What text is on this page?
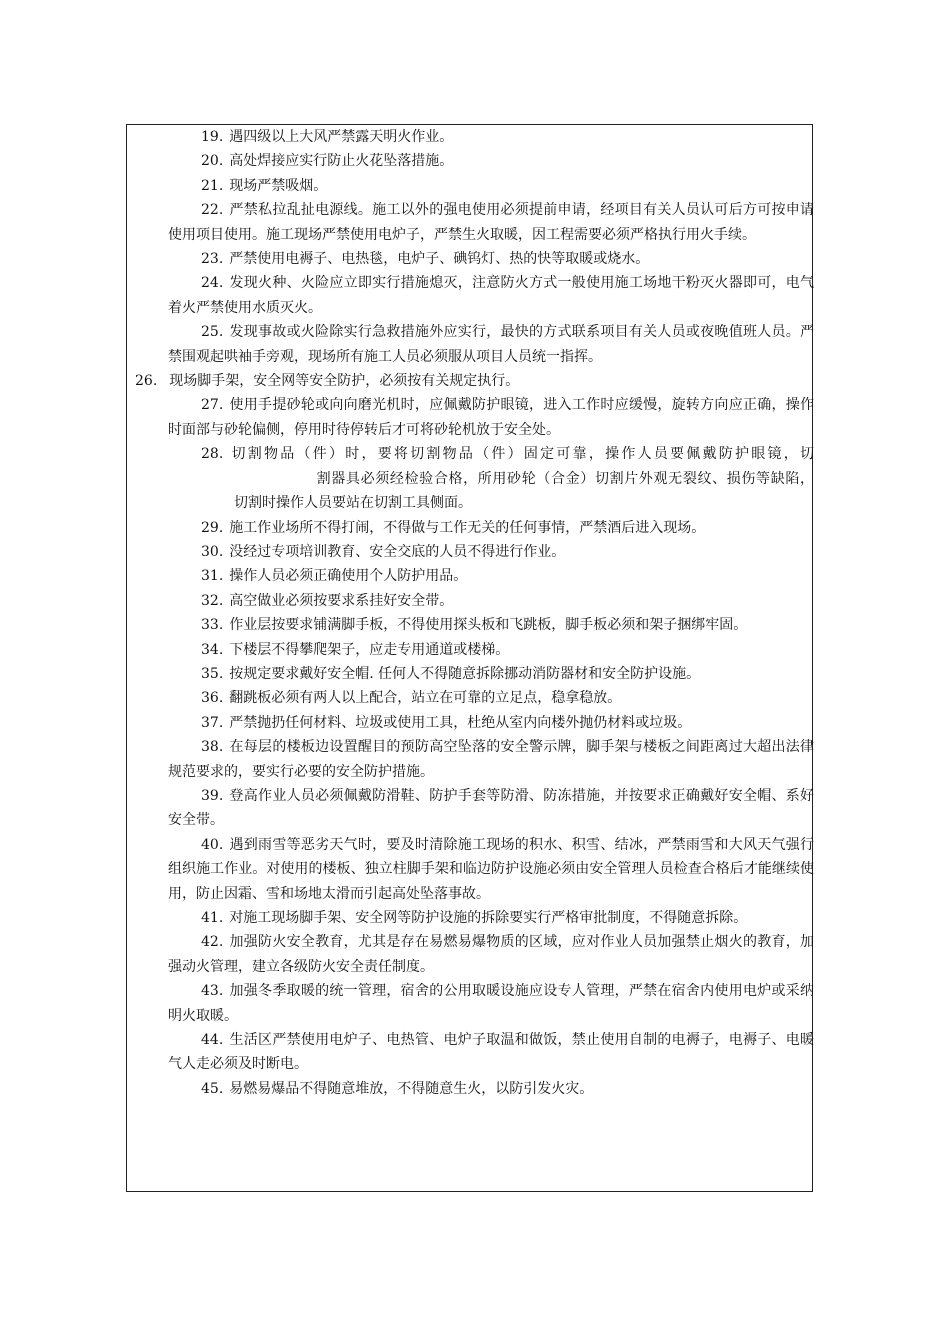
19. 遇四级以上大风严禁露天明火作业。

20. 高处焊接应实行防止火花坠落措施。

21. 现场严禁吸烟。

22. 严禁私拉乱扯电源线。施工以外的强电使用必须提前申请，经项目有关人员认可后方可按申请使用项目使用。施工现场严禁使用电炉子，严禁生火取暖，因工程需要必须严格执行用火手续。

23. 严禁使用电褥子、电热毯，电炉子、碘钨灯、热的快等取暖或烧水。

24. 发现火种、火险应立即实行措施熄灭，注意防火方式一般使用施工场地干粉灭火器即可，电气着火严禁使用水质灭火。

25. 发现事故或火险除实行急救措施外应实行，最快的方式联系项目有关人员或夜晚值班人员。严禁围观起哄袖手旁观，现场所有施工人员必须服从项目人员统一指挥。

26. 现场脚手架，安全网等安全防护，必须按有关规定执行。

27. 使用手提砂轮或向向磨光机时，应佩戴防护眼镜，进入工作时应缓慢，旋转方向应正确，操作时面部与砂轮偏侧，停用时待停转后才可将砂轮机放于安全处。

28. 切割物品（件）时，要将切割物品（件）固定可靠，操作人员要佩戴防护眼镜，切割器具必须经检验合格，所用砂轮（合金）切割片外观无裂纹、损伤等缺陷，切割时操作人员要站在切割工具侧面。

29. 施工作业场所不得打闹，不得做与工作无关的任何事情，严禁酒后进入现场。

30. 没经过专项培训教育、安全交底的人员不得进行作业。

31. 操作人员必须正确使用个人防护用品。

32. 高空做业必须按要求系挂好安全带。

33. 作业层按要求铺满脚手板，不得使用探头板和飞跳板，脚手板必须和架子捆绑牢固。

34. 下楼层不得攀爬架子，应走专用通道或楼梯。

35. 按规定要求戴好安全帽. 任何人不得随意拆除挪动消防器材和安全防护设施。

36. 翻跳板必须有两人以上配合，站立在可靠的立足点，稳拿稳放。

37. 严禁抛扔任何材料、垃圾或使用工具，杜绝从室内向楼外抛仍材料或垃圾。

38. 在每层的楼板边设置醒目的预防高空坠落的安全警示牌，脚手架与楼板之间距离过大超出法律规范要求的，要实行必要的安全防护措施。

39. 登高作业人员必须佩戴防滑鞋、防护手套等防滑、防冻措施，并按要求正确戴好安全帽、系好安全带。

40. 遇到雨雪等恶劣天气时，要及时清除施工现场的积水、积雪、结冰，严禁雨雪和大风天气强行组织施工作业。对使用的楼板、独立柱脚手架和临边防护设施必须由安全管理人员检查合格后才能继续使用，防止因霜、雪和场地太滑而引起高处坠落事故。

41. 对施工现场脚手架、安全网等防护设施的拆除要实行严格审批制度，不得随意拆除。

42. 加强防火安全教育，尤其是存在易燃易爆物质的区域，应对作业人员加强禁止烟火的教育，加强动火管理，建立各级防火安全责任制度。

43. 加强冬季取暖的统一管理，宿舍的公用取暖设施应设专人管理，严禁在宿舍内使用电炉或采纳明火取暖。

44. 生活区严禁使用电炉子、电热管、电炉子取温和做饭，禁止使用自制的电褥子，电褥子、电暖气人走必须及时断电。

45. 易燃易爆品不得随意堆放，不得随意生火，以防引发火灾。
